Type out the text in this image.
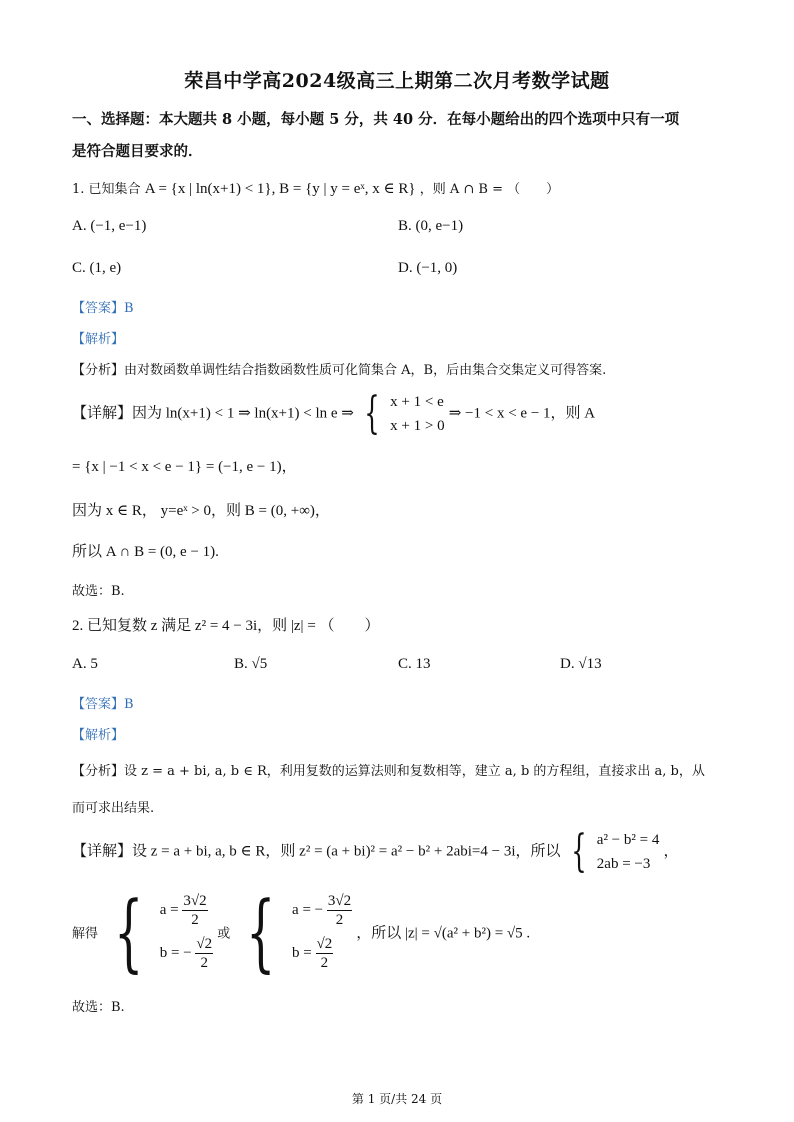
荣昌中学高2024级高三上期第二次月考数学试题
一、选择题：本大题共 8 小题，每小题 5 分，共 40 分．在每小题给出的四个选项中只有一项
是符合题目要求的．
1. 已知集合 A = {x | ln(x+1) < 1}, B = {y | y = eˣ, x ∈ R} ，则 A ∩ B = （　　）
A. (−1, e−1)	B. (0, e−1)
C. (1, e)	D. (−1, 0)
【答案】B
【解析】
【分析】由对数函数单调性结合指数函数性质可化简集合 A，B，后由集合交集定义可得答案.
【详解】因为 ln(x+1) < 1 ⇒ ln(x+1) < ln e ⇒ { x + 1 < e
x + 1 > 0
⇒ −1 < x < e − 1，则 A
= {x | −1 < x < e − 1} = (−1, e − 1)，
因为 x ∈ R， y=eˣ > 0，则 B = (0, +∞)，
所以 A ∩ B = (0, e − 1).
故选：B.
2. 已知复数 z 满足 z² = 4 − 3i，则 |z| = （　　）
A. 5	B. √5	C. 13	D. √13
【答案】B
【解析】
【分析】设 z = a + bi, a, b ∈ R，利用复数的运算法则和复数相等，建立 a, b 的方程组，直接求出 a, b，从
而可求出结果.
【详解】设 z = a + bi, a, b ∈ R，则 z² = (a + bi)² = a² − b² + 2abi=4 − 3i，所以 { a² − b² = 4
2ab = −3
，
解得 { $a = \frac{3√2}{2}$
b = − $\frac{√2}{2}$
或 { a = − $\frac{3√2}{2}$
$b = \frac{√2}{2}$
，所以 |z| = √(a² + b²) = √5 .
故选：B.
第 1 页/共 24 页
